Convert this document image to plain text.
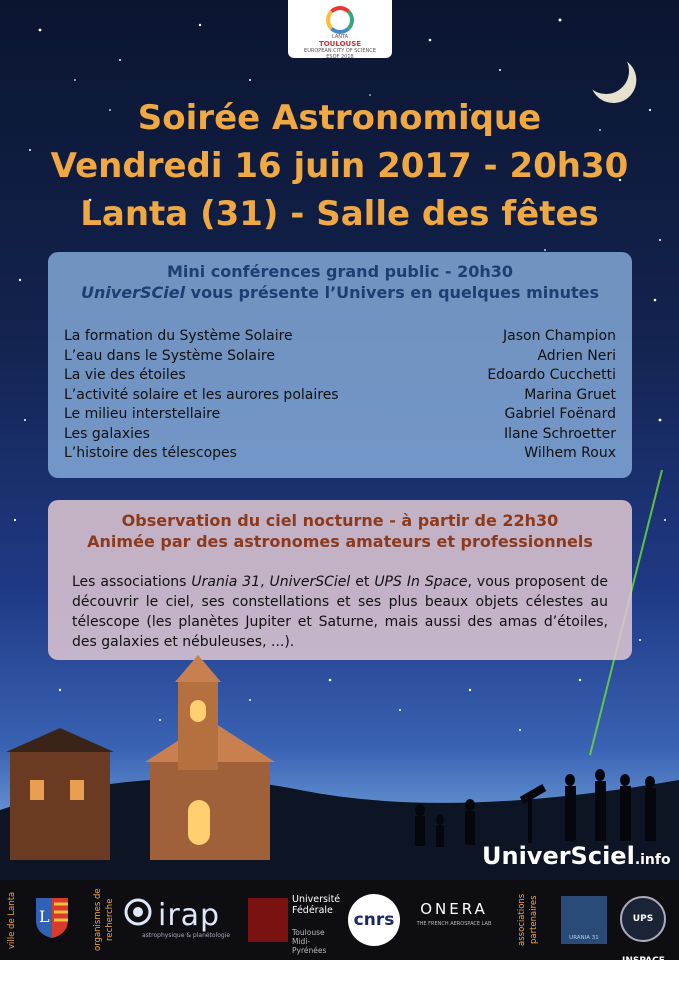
LANTA
TOULOUSE
EUROPEAN CITY OF SCIENCE
ESOF 2018
Soirée Astronomique
Vendredi 16 juin 2017 - 20h30
Lanta (31) - Salle des fêtes
Mini conférences grand public - 20h30
UniverSCiel vous présente l’Univers en quelques minutes
La formation du Système Solaire	Jason Champion
L’eau dans le Système Solaire	Adrien Neri
La vie des étoiles	Edoardo Cucchetti
L’activité solaire et les aurores polaires	Marina Gruet
Le milieu interstellaire	Gabriel Foënard
Les galaxies	Ilane Schroetter
L’histoire des télescopes	Wilhem Roux
Observation du ciel nocturne - à partir de 22h30
Animée par des astronomes amateurs et professionnels
Les associations Urania 31, UniverSCiel et UPS In Space, vous proposent de découvrir le ciel, ses constellations et ses plus beaux objets célestes au télescope (les planètes Jupiter et Saturne, mais aussi des amas d’étoiles, des galaxies et nébuleuses, ...).
UniverSciel.info
ville de Lanta L	organismes de recherche irap
astrophysique & planétologie
Université Fédérale
Toulouse Midi-Pyrénées
cnrs
ONERA
THE FRENCH AEROSPACE LAB	associations partenaires	URANIA 31
UPS INSPACE
